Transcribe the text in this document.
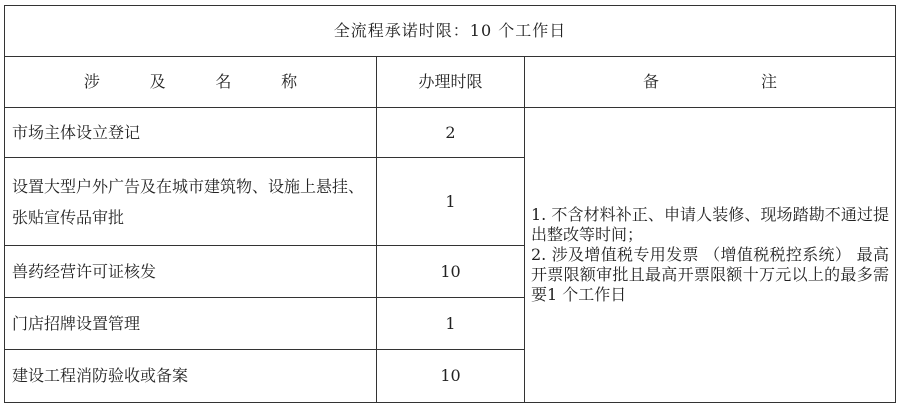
全流程承诺时限：10 个工作日		

涉 及 名 称	办理时限	备 注

市场主体设立登记	2	1. 不含材料补正、申请人装修、现场踏勘不通过提出整改等时间；

2. 涉及增值税专用发票 （增值税税控系统） 最高开票限额审批且最高开票限额十万元以上的最多需要1 个工作日

设置大型户外广告及在城市建筑物、设施上悬挂、张贴宣传品审批	1	
兽药经营许可证核发	10	
门店招牌设置管理	1	
建设工程消防验收或备案	10	
